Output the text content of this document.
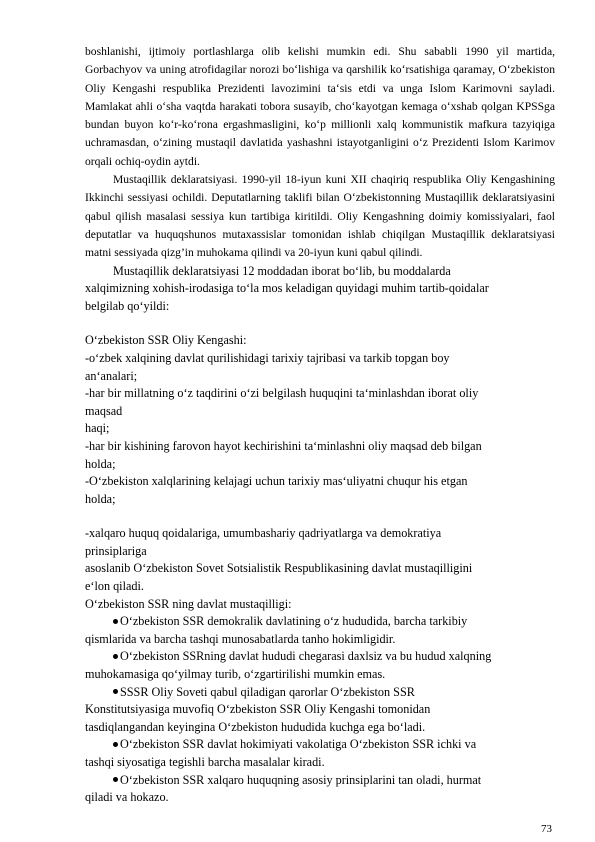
boshlanishi, ijtimoiy portlashlarga olib kelishi mumkin edi. Shu sababli 1990 yil martida, Gorbachyov va uning atrofidagilar norozi bo‘lishiga va qarshilik ko‘rsatishiga qaramay, O‘zbekiston Oliy Kengashi respublika Prezidenti lavozimini ta‘sis etdi va unga Islom Karimovni sayladi. Mamlakat ahli o‘sha vaqtda harakati tobora susayib, cho‘kayotgan kemaga o‘xshab qolgan KPSSga bundan buyon ko‘r-ko‘rona ergashmasligini, ko‘p millionli xalq kommunistik mafkura tazyiqiga uchramasdan, o‘zining mustaqil davlatida yashashni istayotganligini o‘z Prezidenti Islom Karimov orqali ochiq-oydin aytdi.

Mustaqillik deklaratsiyasi. 1990-yil 18-iyun kuni XII chaqiriq respublika Oliy Kengashining Ikkinchi sessiyasi ochildi. Deputatlarning taklifi bilan O‘zbekistonning Mustaqillik deklaratsiyasini qabul qilish masalasi sessiya kun tartibiga kiritildi. Oliy Kengashning doimiy komissiyalari, faol deputatlar va huquqshunos mutaxassislar tomonidan ishlab chiqilgan Mustaqillik deklaratsiyasi matni sessiyada qizg’in muhokama qilindi va 20-iyun kuni qabul qilindi.

Mustaqillik deklaratsiyasi 12 moddadan iborat bo‘lib, bu moddalarda

xalqimizning xohish-irodasiga to‘la mos keladigan quyidagi muhim tartib-qoidalar

belgilab qo‘yildi:

O‘zbekiston SSR Oliy Kengashi:

-o‘zbek xalqining davlat qurilishidagi tarixiy tajribasi va tarkib topgan boy

an‘analari;

-har bir millatning o‘z taqdirini o‘zi belgilash huquqini ta‘minlashdan iborat oliy

maqsad

haqi;

-har bir kishining farovon hayot kechirishini ta‘minlashni oliy maqsad deb bilgan

holda;

-O‘zbekiston xalqlarining kelajagi uchun tarixiy mas‘uliyatni chuqur his etgan

holda;

-xalqaro huquq qoidalariga, umumbashariy qadriyatlarga va demokratiya

prinsiplariga

asoslanib O‘zbekiston Sovet Sotsialistik Respublikasining davlat mustaqilligini

e‘lon qiladi.

O‘zbekiston SSR ning davlat mustaqilligi:

O‘zbekiston SSR demokralik davlatining o‘z hududida, barcha tarkibiy

qismlarida va barcha tashqi munosabatlarda tanho hokimligidir.

O‘zbekiston SSRning davlat hududi chegarasi daxlsiz va bu hudud xalqning

muhokamasiga qo‘yilmay turib, o‘zgartirilishi mumkin emas.

SSSR Oliy Soveti qabul qiladigan qarorlar O‘zbekiston SSR

Konstitutsiyasiga muvofiq O‘zbekiston SSR Oliy Kengashi tomonidan

tasdiqlangandan keyingina O‘zbekiston hududida kuchga ega bo‘ladi.

O‘zbekiston SSR davlat hokimiyati vakolatiga O‘zbekiston SSR ichki va

tashqi siyosatiga tegishli barcha masalalar kiradi.

O‘zbekiston SSR xalqaro huquqning asosiy prinsiplarini tan oladi, hurmat

qiladi va hokazo.

73
